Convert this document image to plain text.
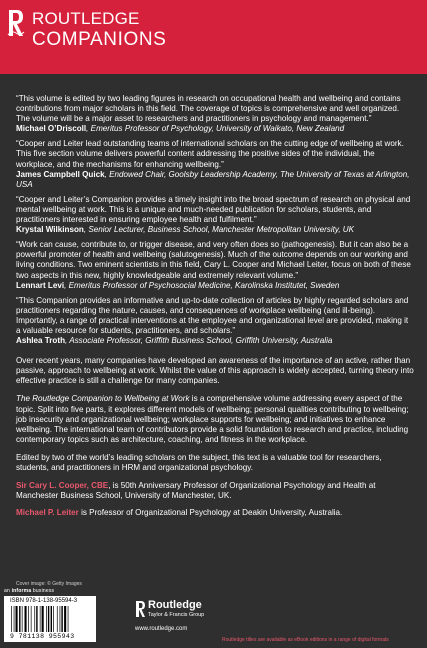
ROUTLEDGE
COMPANIONS
“This volume is edited by two leading figures in research on occupational health and wellbeing and contains contributions from major scholars in this field. The coverage of topics is comprehensive and well organized. The volume will be a major asset to researchers and practitioners in psychology and management.”
Michael O’Driscoll, Emeritus Professor of Psychology, University of Waikato, New Zealand
“Cooper and Leiter lead outstanding teams of international scholars on the cutting edge of wellbeing at work. This five section volume delivers powerful content addressing the positive sides of the individual, the workplace, and the mechanisms for enhancing wellbeing.”
James Campbell Quick, Endowed Chair, Goolsby Leadership Academy, The University of Texas at Arlington, USA
“Cooper and Leiter’s Companion provides a timely insight into the broad spectrum of research on physical and mental wellbeing at work. This is a unique and much-needed publication for scholars, students, and practitioners interested in ensuring employee health and fulfilment.”
Krystal Wilkinson, Senior Lecturer, Business School, Manchester Metropolitan University, UK
“Work can cause, contribute to, or trigger disease, and very often does so (pathogenesis). But it can also be a powerful promoter of health and wellbeing (salutogenesis). Much of the outcome depends on our working and living conditions. Two eminent scientists in this field, Cary L. Cooper and Michael Leiter, focus on both of these two aspects in this new, highly knowledgeable and extremely relevant volume.”
Lennart Levi, Emeritus Professor of Psychosocial Medicine, Karolinska Institutet, Sweden
“This Companion provides an informative and up-to-date collection of articles by highly regarded scholars and practitioners regarding the nature, causes, and consequences of workplace wellbeing (and ill-being). Importantly, a range of practical interventions at the employee and organizational level are provided, making it a valuable resource for students, practitioners, and scholars.”
Ashlea Troth, Associate Professor, Griffith Business School, Griffith University, Australia

Over recent years, many companies have developed an awareness of the importance of an active, rather than passive, approach to wellbeing at work. Whilst the value of this approach is widely accepted, turning theory into effective practice is still a challenge for many companies.

The Routledge Companion to Wellbeing at Work is a comprehensive volume addressing every aspect of the topic. Split into five parts, it explores different models of wellbeing; personal qualities contributing to wellbeing; job insecurity and organizational wellbeing; workplace supports for wellbeing; and initiatives to enhance wellbeing. The international team of contributors provide a solid foundation to research and practice, including contemporary topics such as architecture, coaching, and fitness in the workplace.

Edited by two of the world’s leading scholars on the subject, this text is a valuable tool for researchers, students, and practitioners in HRM and organizational psychology.

Sir Cary L. Cooper, CBE, is 50th Anniversary Professor of Organizational Psychology and Health at Manchester Business School, University of Manchester, UK.

Michael P. Leiter is Professor of Organizational Psychology at Deakin University, Australia.

Cover image: © Getty Images
an informa business
ISBN 978-1-138-95594-3
9 781138 955943
Routledge
Taylor & Francis Group
www.routledge.com
Routledge titles are available as eBook editions in a range of digital formats
